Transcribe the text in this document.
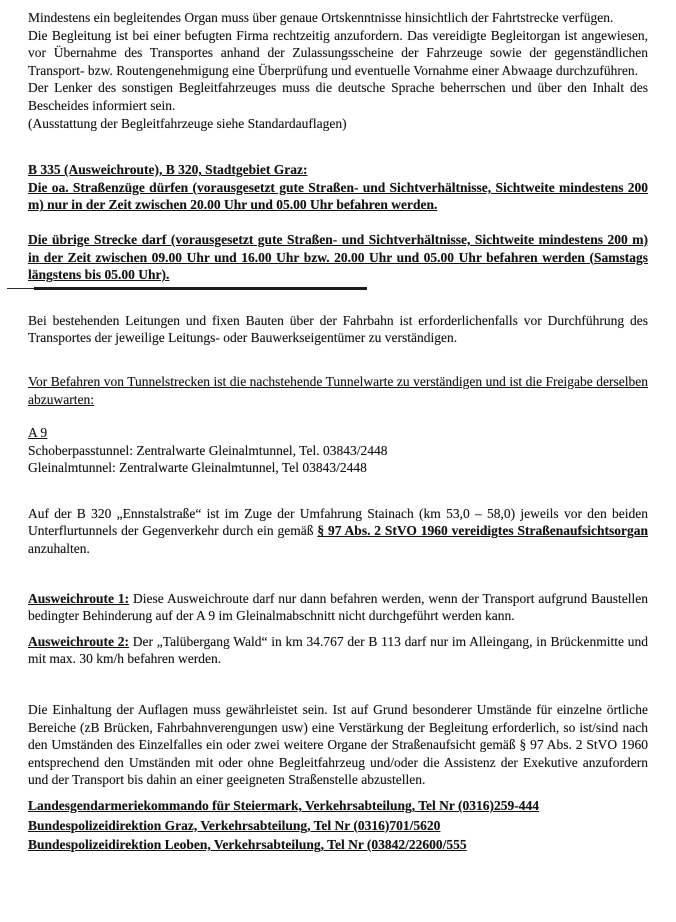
Mindestens ein begleitendes Organ muss über genaue Ortskenntnisse hinsichtlich der Fahrtstrecke verfügen.

Die Begleitung ist bei einer befugten Firma rechtzeitig anzufordern. Das vereidigte Begleitorgan ist angewiesen, vor Übernahme des Transportes anhand der Zulassungsscheine der Fahrzeuge sowie der gegenständlichen Transport- bzw. Routengenehmigung eine Überprüfung und eventuelle Vornahme einer Abwaage durchzuführen.

Der Lenker des sonstigen Begleitfahrzeuges muss die deutsche Sprache beherrschen und über den Inhalt des Bescheides informiert sein.

(Ausstattung der Begleitfahrzeuge siehe Standardauflagen)

B 335 (Ausweichroute), B 320, Stadtgebiet Graz:

Die oa. Straßenzüge dürfen (vorausgesetzt gute Straßen- und Sichtverhältnisse, Sichtweite mindestens 200 m) nur in der Zeit zwischen 20.00 Uhr und 05.00 Uhr befahren werden.

Die übrige Strecke darf (vorausgesetzt gute Straßen- und Sichtverhältnisse, Sichtweite mindestens 200 m) in der Zeit zwischen 09.00 Uhr und 16.00 Uhr bzw. 20.00 Uhr und 05.00 Uhr befahren werden (Samstags längstens bis 05.00 Uhr).

Bei bestehenden Leitungen und fixen Bauten über der Fahrbahn ist erforderlichenfalls vor Durchführung des Transportes der jeweilige Leitungs- oder Bauwerkseigentümer zu verständigen.

Vor Befahren von Tunnelstrecken ist die nachstehende Tunnelwarte zu verständigen und ist die Freigabe derselben abzuwarten:

A 9

Schoberpasstunnel: Zentralwarte Gleinalmtunnel, Tel. 03843/2448

Gleinalmtunnel: Zentralwarte Gleinalmtunnel, Tel 03843/2448

Auf der B 320 „Ennstalstraße“ ist im Zuge der Umfahrung Stainach (km 53,0 – 58,0) jeweils vor den beiden Unterflurtunnels der Gegenverkehr durch ein gemäß § 97 Abs. 2 StVO 1960 vereidigtes Straßenaufsichtsorgan anzuhalten.

Ausweichroute 1: Diese Ausweichroute darf nur dann befahren werden, wenn der Transport aufgrund Baustellen bedingter Behinderung auf der A 9 im Gleinalmabschnitt nicht durchgeführt werden kann.

Ausweichroute 2: Der „Talübergang Wald“ in km 34.767 der B 113 darf nur im Alleingang, in Brückenmitte und mit max. 30 km/h befahren werden.

Die Einhaltung der Auflagen muss gewährleistet sein. Ist auf Grund besonderer Umstände für einzelne örtliche Bereiche (zB Brücken, Fahrbahnverengungen usw) eine Verstärkung der Begleitung erforderlich, so ist/sind nach den Umständen des Einzelfalles ein oder zwei weitere Organe der Straßenaufsicht gemäß § 97 Abs. 2 StVO 1960 entsprechend den Umständen mit oder ohne Begleitfahrzeug und/oder die Assistenz der Exekutive anzufordern und der Transport bis dahin an einer geeigneten Straßenstelle abzustellen.

Landesgendarmeriekommando für Steiermark, Verkehrsabteilung, Tel Nr (0316)259-444

Bundespolizeidirektion Graz, Verkehrsabteilung, Tel Nr (0316)701/5620

Bundespolizeidirektion Leoben, Verkehrsabteilung, Tel Nr (03842/22600/555
